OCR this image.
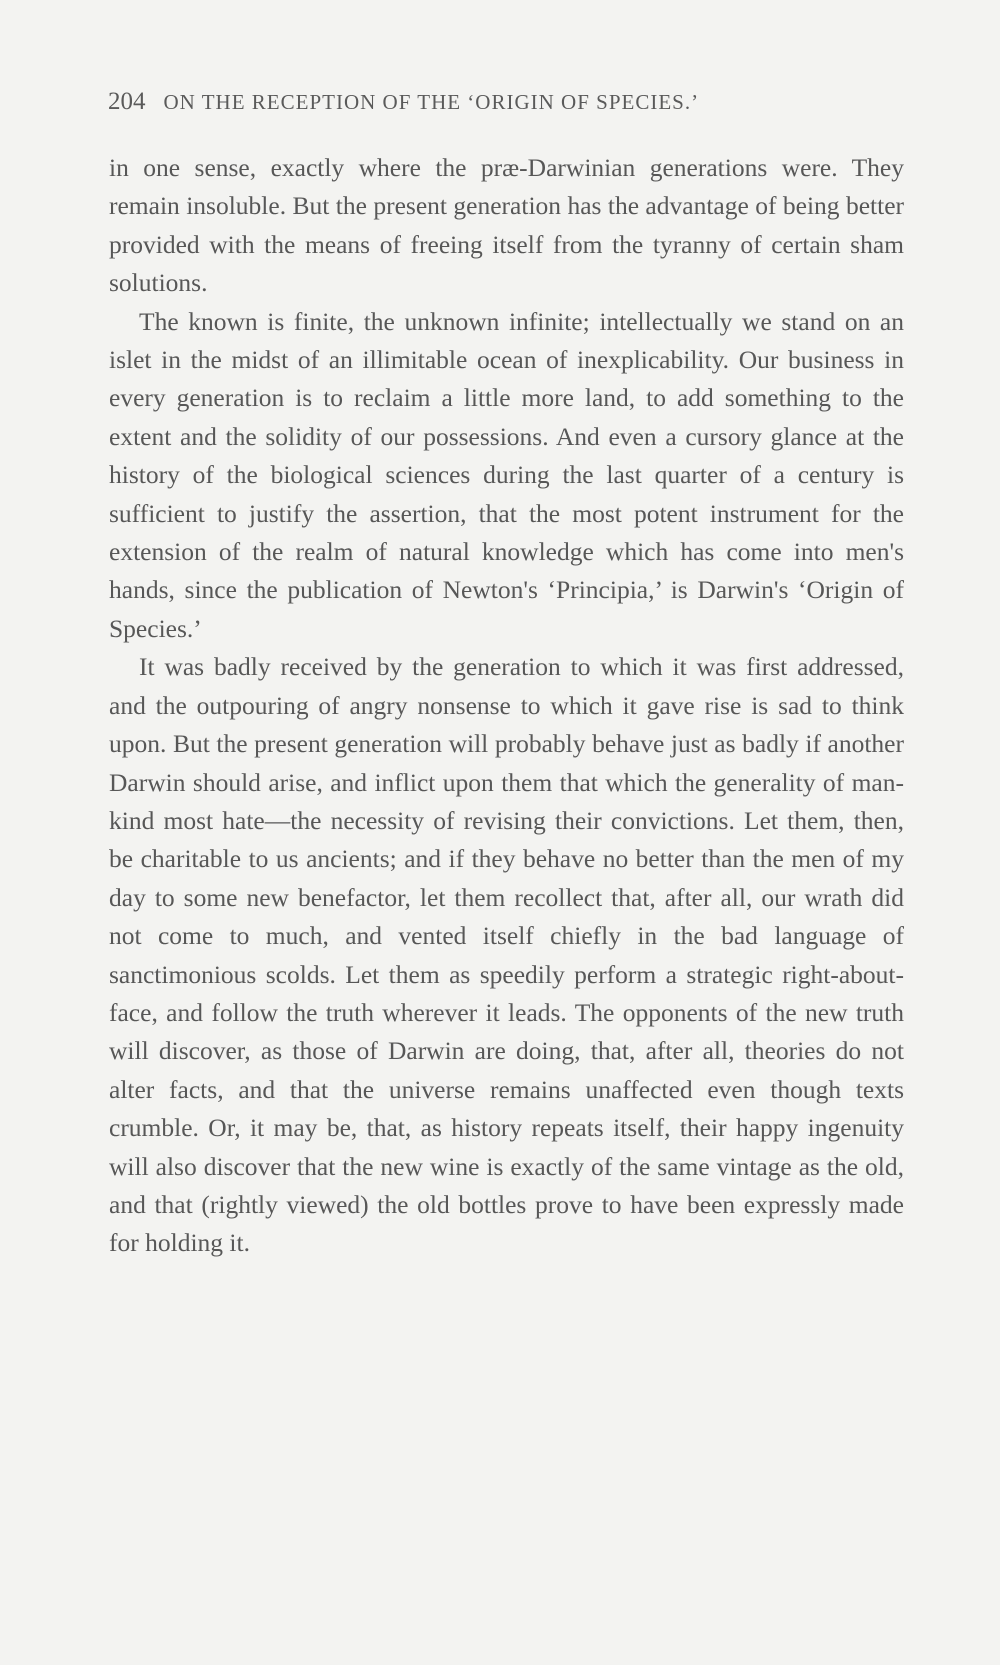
204 ON THE RECEPTION OF THE ‘ORIGIN OF SPECIES.’

in one sense, exactly where the præ-Darwinian generations were. They remain insoluble. But the present generation has the advantage of being better provided with the means of freeing itself from the tyranny of certain sham solutions.

The known is finite, the unknown infinite; intellectually we stand on an islet in the midst of an illimitable ocean of inexplicability. Our business in every generation is to reclaim a little more land, to add something to the extent and the solidity of our possessions. And even a cursory glance at the history of the biological sciences during the last quarter of a century is sufficient to justify the assertion, that the most potent instrument for the extension of the realm of natural knowledge which has come into men's hands, since the publication of Newton's ‘Principia,’ is Darwin's ‘Origin of Species.’

It was badly received by the generation to which it was first addressed, and the outpouring of angry nonsense to which it gave rise is sad to think upon. But the present generation will probably behave just as badly if another Darwin should arise, and inflict upon them that which the generality of mankind most hate—the necessity of revising their convictions. Let them, then, be charitable to us ancients; and if they behave no better than the men of my day to some new benefactor, let them recollect that, after all, our wrath did not come to much, and vented itself chiefly in the bad language of sanctimonious scolds. Let them as speedily perform a strategic right-about-face, and follow the truth wherever it leads. The opponents of the new truth will discover, as those of Darwin are doing, that, after all, theories do not alter facts, and that the universe remains unaffected even though texts crumble. Or, it may be, that, as history repeats itself, their happy ingenuity will also discover that the new wine is exactly of the same vintage as the old, and that (rightly viewed) the old bottles prove to have been expressly made for holding it.
